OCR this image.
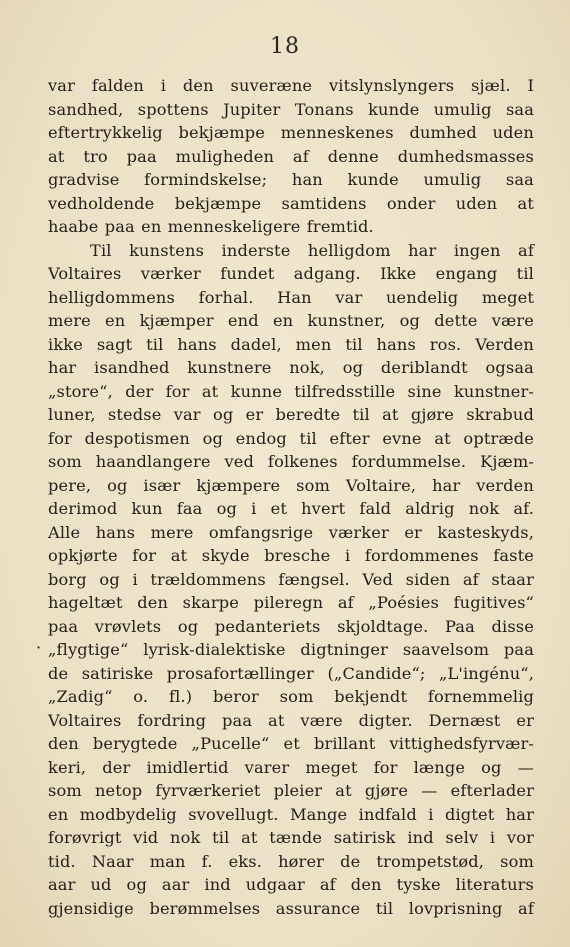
18
·
var falden i den suveræne vitslynslyngers sjæl. I
sandhed, spottens Jupiter Tonans kunde umulig saa
eftertrykkelig bekjæmpe menneskenes dumhed uden
at tro paa muligheden af denne dumhedsmasses
gradvise formindskelse; han kunde umulig saa
vedholdende bekjæmpe samtidens onder uden at
haabe paa en menneskeligere fremtid.
Til kunstens inderste helligdom har ingen af
Voltaires værker fundet adgang. Ikke engang til
helligdommens forhal. Han var uendelig meget
mere en kjæmper end en kunstner, og dette være
ikke sagt til hans dadel, men til hans ros. Verden
har isandhed kunstnere nok, og deriblandt ogsaa
„store“, der for at kunne tilfredsstille sine kunstner-
luner, stedse var og er beredte til at gjøre skrabud
for despotismen og endog til efter evne at optræde
som haandlangere ved folkenes fordummelse. Kjæm-
pere, og især kjæmpere som Voltaire, har verden
derimod kun faa og i et hvert fald aldrig nok af.
Alle hans mere omfangsrige værker er kasteskyds,
opkjørte for at skyde bresche i fordommenes faste
borg og i trældommens fængsel. Ved siden af staar
hageltæt den skarpe pileregn af „Poésies fugitives“
paa vrøvlets og pedanteriets skjoldtage. Paa disse
„flygtige“ lyrisk-dialektiske digtninger saavelsom paa
de satiriske prosafortællinger („Candide“; „L'ingénu“,
„Zadig“ o. fl.) beror som bekjendt fornemmelig
Voltaires fordring paa at være digter. Dernæst er
den berygtede „Pucelle“ et brillant vittighedsfyrvær-
keri, der imidlertid varer meget for længe og —
som netop fyrværkeriet pleier at gjøre — efterlader
en modbydelig svovellugt. Mange indfald i digtet har
forøvrigt vid nok til at tænde satirisk ind selv i vor
tid. Naar man f. eks. hører de trompetstød, som
aar ud og aar ind udgaar af den tyske literaturs
gjensidige berømmelses assurance til lovprisning af
